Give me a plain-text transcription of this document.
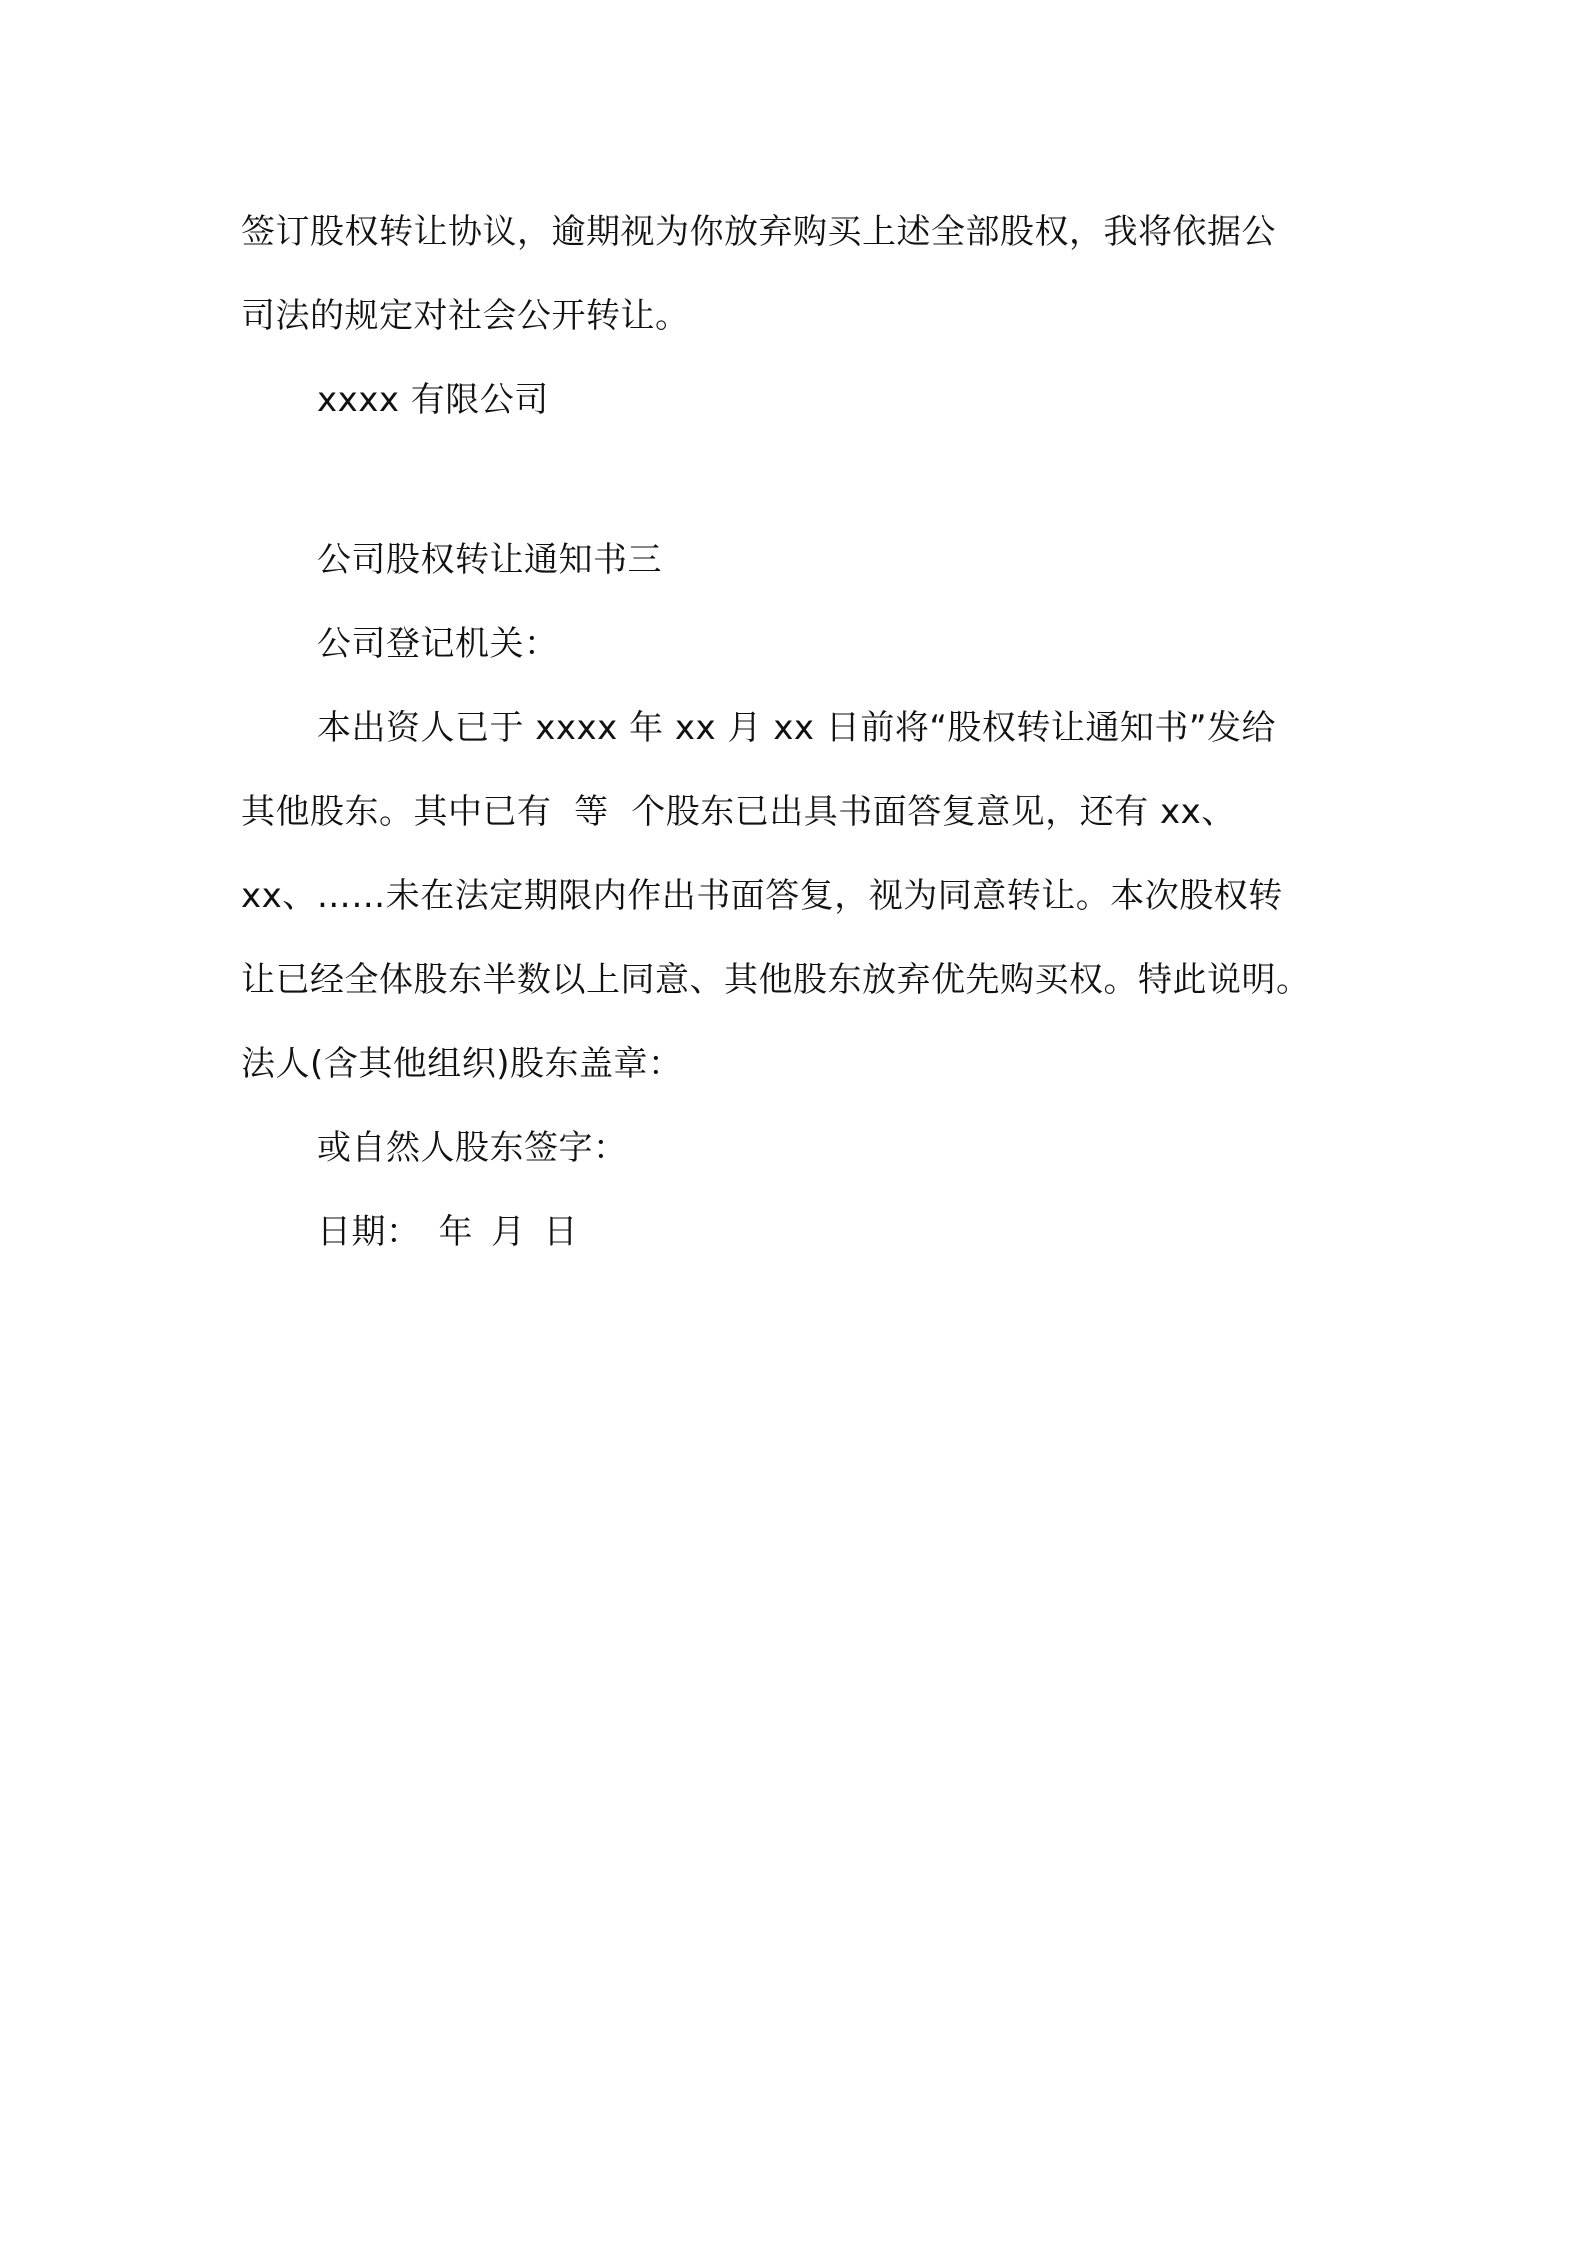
签订股权转让协议，逾期视为你放弃购买上述全部股权，我将依据公

司法的规定对社会公开转让。

xxxx 有限公司

公司股权转让通知书三

公司登记机关：

本出资人已于 xxxx 年 xx 月 xx 日前将“股权转让通知书”发给

其他股东。其中已有  等  个股东已出具书面答复意见，还有 xx、

xx、……未在法定期限内作出书面答复，视为同意转让。本次股权转

让已经全体股东半数以上同意、其他股东放弃优先购买权。特此说明。

法人(含其他组织)股东盖章：

或自然人股东签字：

日期： 年 月 日
